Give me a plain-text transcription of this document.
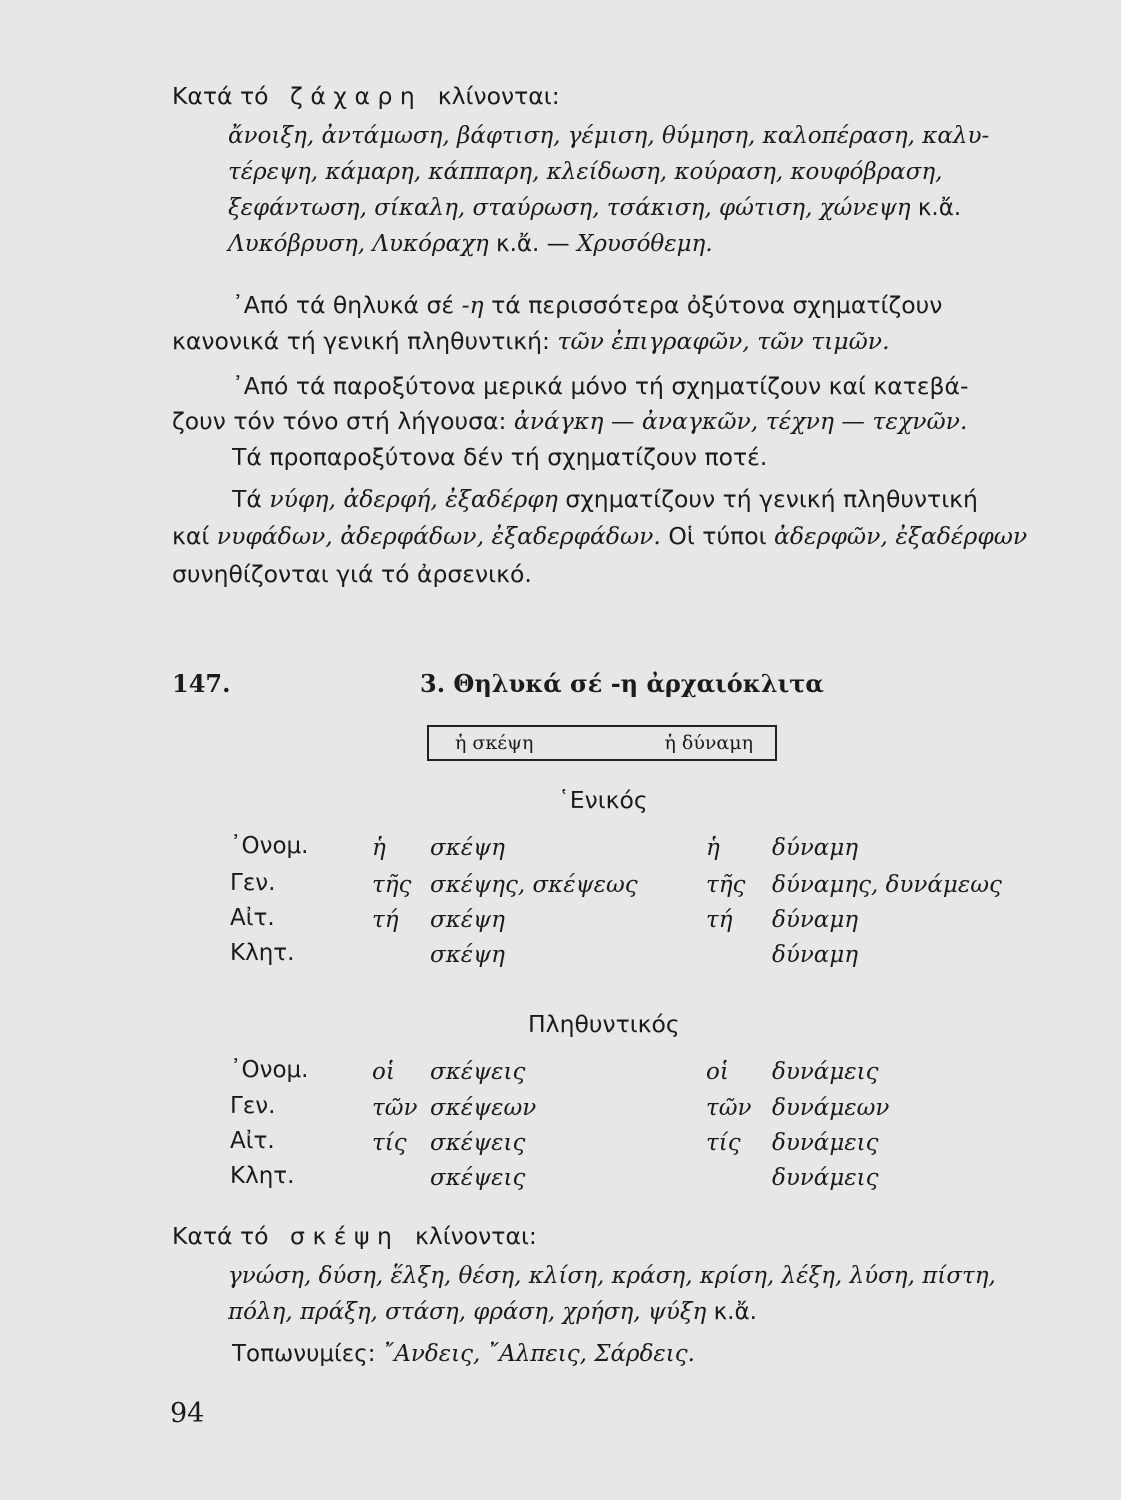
Κατά τό ζάχαρη κλίνονται:
ἄνοιξη, ἀντάμωση, βάφτιση, γέμιση, θύμηση, καλοπέραση, καλυ-
τέρεψη, κάμαρη, κάππαρη, κλείδωση, κούραση, κουφόβραση,
ξεφάντωση, σίκαλη, σταύρωση, τσάκιση, φώτιση, χώνεψη κ.ἄ.
Λυκόβρυση, Λυκόραχη κ.ἄ. — Χρυσόθεμη.
᾽Από τά θηλυκά σέ -η τά περισσότερα ὀξύτονα σχηματίζουν
κανονικά τή γενική πληθυντική: τῶν ἐπιγραφῶν, τῶν τιμῶν.
᾽Από τά παροξύτονα μερικά μόνο τή σχηματίζουν καί κατεβά-
ζουν τόν τόνο στή λήγουσα: ἀνάγκη — ἀναγκῶν, τέχνη — τεχνῶν.
Τά προπαροξύτονα δέν τή σχηματίζουν ποτέ.
Τά νύφη, ἀδερφή, ἐξαδέρφη σχηματίζουν τή γενική πληθυντική
καί νυφάδων, ἀδερφάδων, ἐξαδερφάδων. Οἱ τύποι ἀδερφῶν, ἐξαδέρφων
συνηθίζονται γιά τό ἀρσενικό.
147.	3. Θηλυκά σέ -η ἀρχαιόκλιτα
ἡ σκέψη	ἡ δύναμη
῾Ενικός
᾽Ονομ.	ἡ σκέψη	ἡ δύναμη
Γεν.	τῆς σκέψης, σκέψεως	τῆς δύναμης, δυνάμεως
Αἰτ.	τή σκέψη	τή δύναμη
Κλητ.	σκέψη	δύναμη
Πληθυντικός
᾽Ονομ.	οἱ σκέψεις	οἱ δυνάμεις
Γεν.	τῶν σκέψεων	τῶν δυνάμεων
Αἰτ.	τίς σκέψεις	τίς δυνάμεις
Κλητ.	σκέψεις	δυνάμεις
Κατά τό σκέψη κλίνονται:
γνώση, δύση, ἕλξη, θέση, κλίση, κράση, κρίση, λέξη, λύση, πίστη,
πόλη, πράξη, στάση, φράση, χρήση, ψύξη κ.ἄ.
Τοπωνυμίες: ῎Ανδεις, ῎Αλπεις, Σάρδεις.
94
